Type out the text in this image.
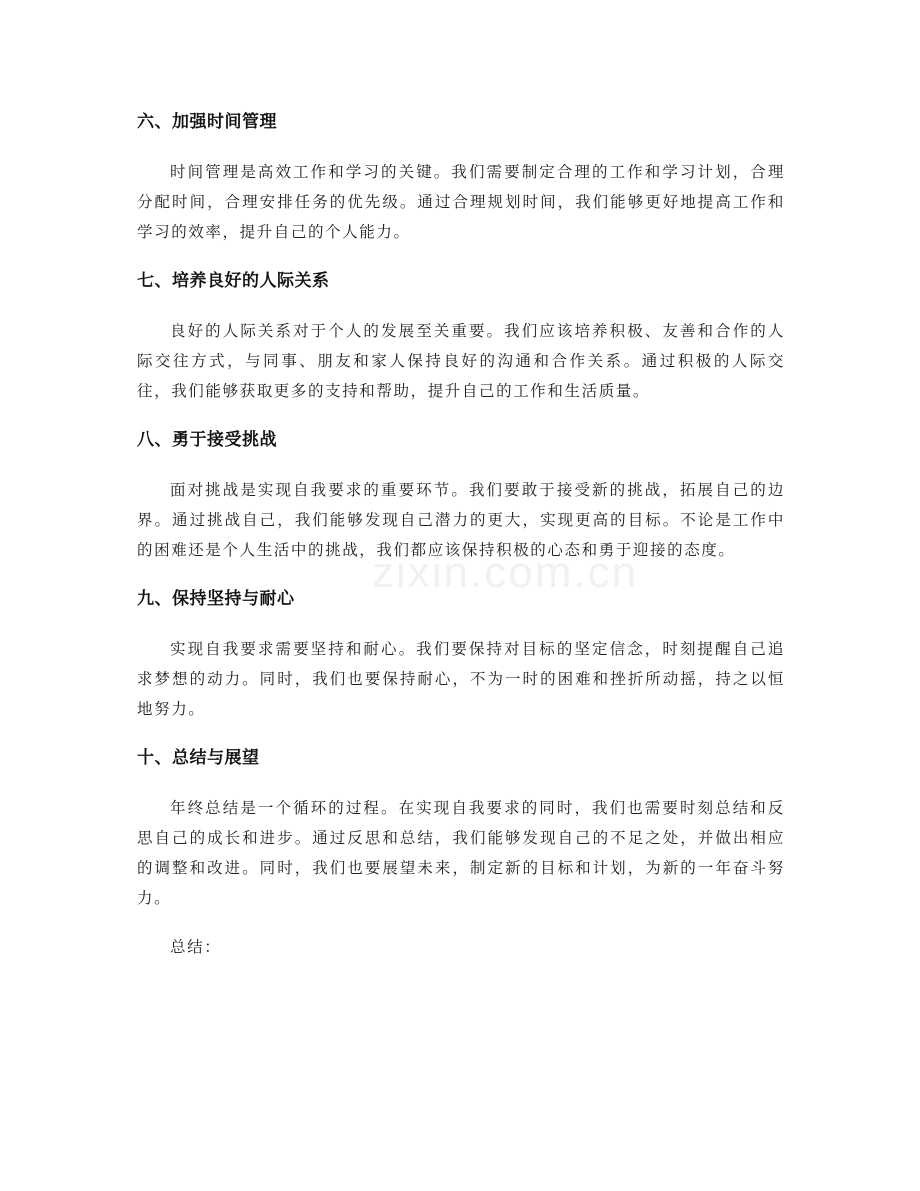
zixin.com.cn
六、加强时间管理

时间管理是高效工作和学习的关键。我们需要制定合理的工作和学习计划，合理分配时间，合理安排任务的优先级。通过合理规划时间，我们能够更好地提高工作和学习的效率，提升自己的个人能力。

七、培养良好的人际关系

良好的人际关系对于个人的发展至关重要。我们应该培养积极、友善和合作的人际交往方式，与同事、朋友和家人保持良好的沟通和合作关系。通过积极的人际交往，我们能够获取更多的支持和帮助，提升自己的工作和生活质量。

八、勇于接受挑战

面对挑战是实现自我要求的重要环节。我们要敢于接受新的挑战，拓展自己的边界。通过挑战自己，我们能够发现自己潜力的更大，实现更高的目标。不论是工作中的困难还是个人生活中的挑战，我们都应该保持积极的心态和勇于迎接的态度。

九、保持坚持与耐心

实现自我要求需要坚持和耐心。我们要保持对目标的坚定信念，时刻提醒自己追求梦想的动力。同时，我们也要保持耐心，不为一时的困难和挫折所动摇，持之以恒地努力。

十、总结与展望

年终总结是一个循环的过程。在实现自我要求的同时，我们也需要时刻总结和反思自己的成长和进步。通过反思和总结，我们能够发现自己的不足之处，并做出相应的调整和改进。同时，我们也要展望未来，制定新的目标和计划，为新的一年奋斗努力。

总结：
